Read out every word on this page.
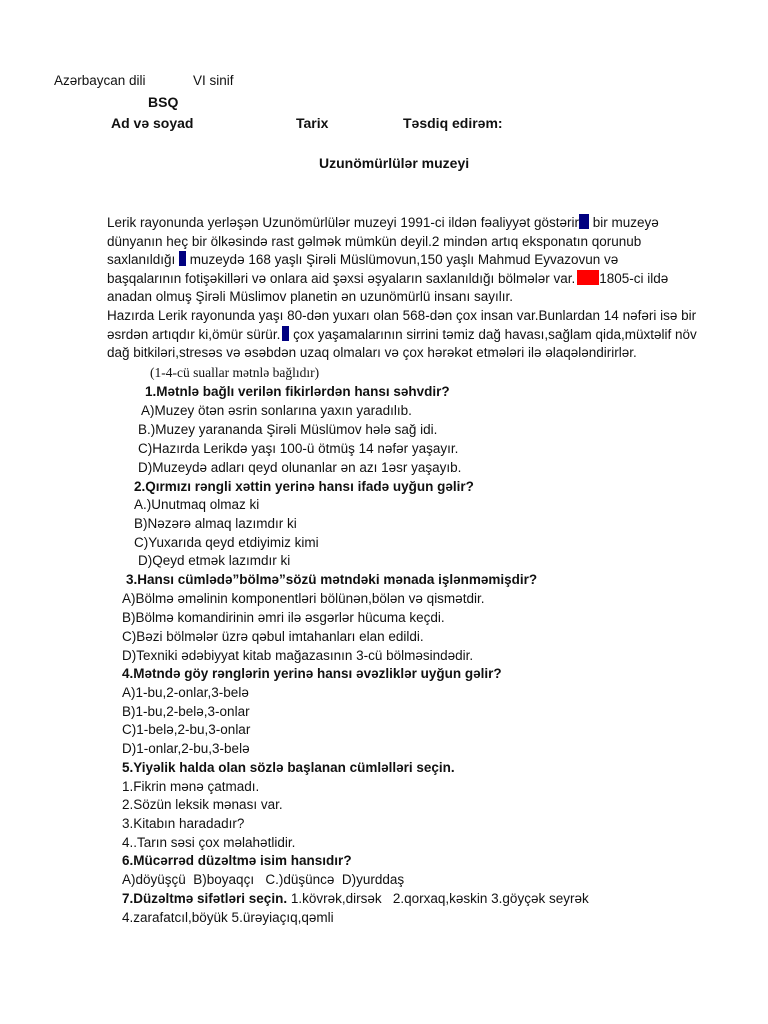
Azərbaycan dili	VI sinif
BSQ
Ad və soyad	Tarix	Təsdiq edirəm:
Uzunömürlülər muzeyi
Lerik rayonunda yerləşən Uzunömürlülər muzeyi 1991-ci ildən fəaliyyət göstərir bir muzeyə
dünyanın heç bir ölkəsində rast gəlmək mümkün deyil.2 mindən artıq eksponatın qorunub
saxlanıldığı  muzeydə 168 yaşlı Şirəli Müslümovun,150 yaşlı Mahmud Eyvazovun və
başqalarının fotişəkilləri və onlara aid şəxsi əşyaların saxlanıldığı bölmələr var. 1805-ci ildə
anadan olmuş Şirəli Müslimov planetin ən uzunömürlü insanı sayılır.
Hazırda Lerik rayonunda yaşı 80-dən yuxarı olan 568-dən çox insan var.Bunlardan 14 nəfəri isə bir
əsrdən artıqdır ki,ömür sürür. çox yaşamalarının sirrini təmiz dağ havası,sağlam qida,müxtəlif növ
dağ bitkiləri,stresəs və əsəbdən uzaq olmaları və çox hərəkət etmələri ilə əlaqələndirirlər.
(1-4-cü suallar mətnlə bağlıdır)
1.Mətnlə bağlı verilən fikirlərdən hansı səhvdir?
A)Muzey ötən əsrin sonlarına yaxın yaradılıb.
B.)Muzey yarananda Şirəli Müslümov hələ sağ idi.
C)Hazırda Lerikdə yaşı 100-ü ötmüş 14 nəfər yaşayır.
D)Muzeydə adları qeyd olunanlar ən azı 1əsr yaşayıb.
2.Qırmızı rəngli xəttin yerinə hansı ifadə uyğun gəlir?
A.)Unutmaq olmaz ki
B)Nəzərə almaq lazımdır ki
C)Yuxarıda qeyd etdiyimiz kimi
D)Qeyd etmək lazımdır ki
3.Hansı cümlədə”bölmə”sözü mətndəki mənada işlənməmişdir?
A)Bölmə əməlinin komponentləri bölünən,bölən və qismətdir.
B)Bölmə komandirinin əmri ilə əsgərlər hücuma keçdi.
C)Bəzi bölmələr üzrə qəbul imtahanları elan edildi.
D)Texniki ədəbiyyat kitab mağazasının 3-cü bölməsindədir.
4.Mətndə göy rənglərin yerinə hansı əvəzliklər uyğun gəlir?
A)1-bu,2-onlar,3-belə
B)1-bu,2-belə,3-onlar
C)1-belə,2-bu,3-onlar
D)1-onlar,2-bu,3-belə
5.Yiyəlik halda olan sözlə başlanan cümləlləri seçin.
1.Fikrin mənə çatmadı.
2.Sözün leksik mənası var.
3.Kitabın haradadır?
4..Tarın səsi çox məlahətlidir.
6.Mücərrəd düzəltmə isim hansıdır?
A)döyüşçü  B)boyaqçı   C.)düşüncə  D)yurddaş
7.Düzəltmə sifətləri seçin. 1.kövrək,dirsək   2.qorxaq,kəskin 3.göyçək seyrək
4.zarafatcıl,böyük 5.ürəyiaçıq,qəmli
